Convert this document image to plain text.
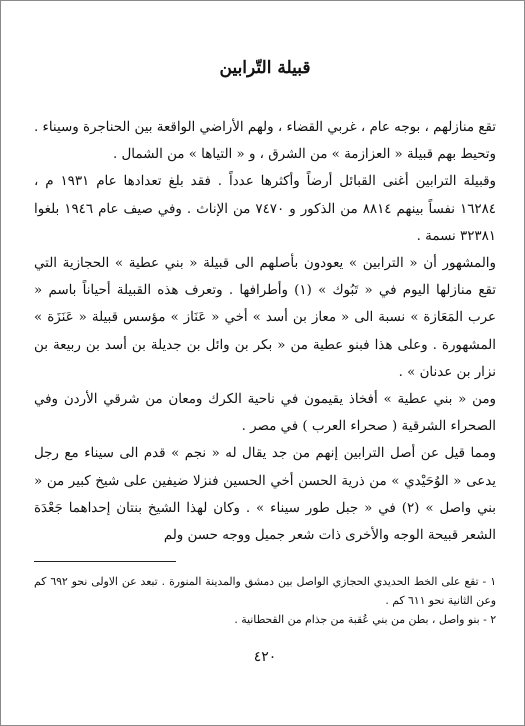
قبيلة التّرابين

تقع منازلهم ، بوجه عام ، غربي القضاء ، ولهم الأراضي الواقعة بين الحناجرة وسيناء . وتحيط بهم قبيلة « العزازمة » من الشرق ، و « التياها » من الشمال .

وقبيلة الترابين أغنى القبائل أرضاً وأكثرها عدداً . فقد بلغ تعدادها عام ١٩٣١ م ، ١٦٢٨٤ نفساً بينهم ٨٨١٤ من الذكور و ٧٤٧٠ من الإناث . وفي صيف عام ١٩٤٦ بلغوا ٣٢٣٨١ نسمة .

والمشهور أن « الترابين » يعودون بأصلهم الى قبيلة « بني عطية » الحجازية التي تقع منازلها اليوم في « تَبُوك » (١) وأطرافها . وتعرف هذه القبيلة أحياناً باسم « عرب المَعَازة » نسبة الى « معاز بن أسد » أخي « عَنَاز » مؤسس قبيلة « عَنَزَة » المشهورة . وعلى هذا فبنو عطية من « بكر بن وائل بن جديلة بن أسد بن ربيعة بن نزار بن عدنان » .

ومن « بني عطية » أفخاذ يقيمون في ناحية الكرك ومعان من شرقي الأردن وفي الصحراء الشرقية ( صحراء العرب ) في مصر .

ومما قيل عن أصل الترابين إنهم من جد يقال له « نجم » قدم الى سيناء مع رجل يدعى « الوُحَيْدي » من ذرية الحسن أخي الحسين فنزلا ضيفين على شيخ كبير من « بني واصل » (٢) في « جبل طور سيناء » . وكان لهذا الشيخ بنتان إحداهما جَعْدَة الشعر قبيحة الوجه والأخرى ذات شعر جميل ووجه حسن ولم

١ - تقع على الخط الحديدي الحجازي الواصل بين دمشق والمدينة المنورة . تبعد عن الاولى نحو ٦٩٢ كم وعن الثانية نحو ٦١١ كم .

٢ - بنو واصل ، بطن من بني عُقبة من جذام من القحطانية .

٤٢٠
